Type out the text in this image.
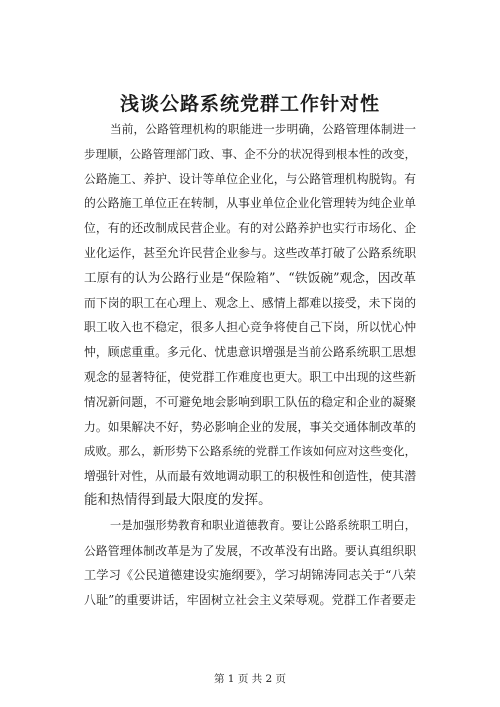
浅谈公路系统党群工作针对性
当前，公路管理机构的职能进一步明确，公路管理体制进一
步理顺，公路管理部门政、事、企不分的状况得到根本性的改变，
公路施工、养护、设计等单位企业化，与公路管理机构脱钩。有
的公路施工单位正在转制，从事业单位企业化管理转为纯企业单
位，有的还改制成民营企业。有的对公路养护也实行市场化、企
业化运作，甚至允许民营企业参与。这些改革打破了公路系统职
工原有的认为公路行业是“保险箱”、“铁饭碗”观念，因改革
而下岗的职工在心理上、观念上、感情上都难以接受，未下岗的
职工收入也不稳定，很多人担心竞争将使自己下岗，所以忧心忡
忡，顾虑重重。多元化、忧患意识增强是当前公路系统职工思想
观念的显著特征，使党群工作难度也更大。职工中出现的这些新
情况新问题，不可避免地会影响到职工队伍的稳定和企业的凝聚
力。如果解决不好，势必影响企业的发展，事关交通体制改革的
成败。那么，新形势下公路系统的党群工作该如何应对这些变化，
增强针对性，从而最有效地调动职工的积极性和创造性，使其潜
能和热情得到最大限度的发挥。
一是加强形势教育和职业道德教育。要让公路系统职工明白，
公路管理体制改革是为了发展，不改革没有出路。要认真组织职
工学习《公民道德建设实施纲要》，学习胡锦涛同志关于“八荣
八耻”的重要讲话，牢固树立社会主义荣辱观。党群工作者要走
第 1 页 共 2 页
